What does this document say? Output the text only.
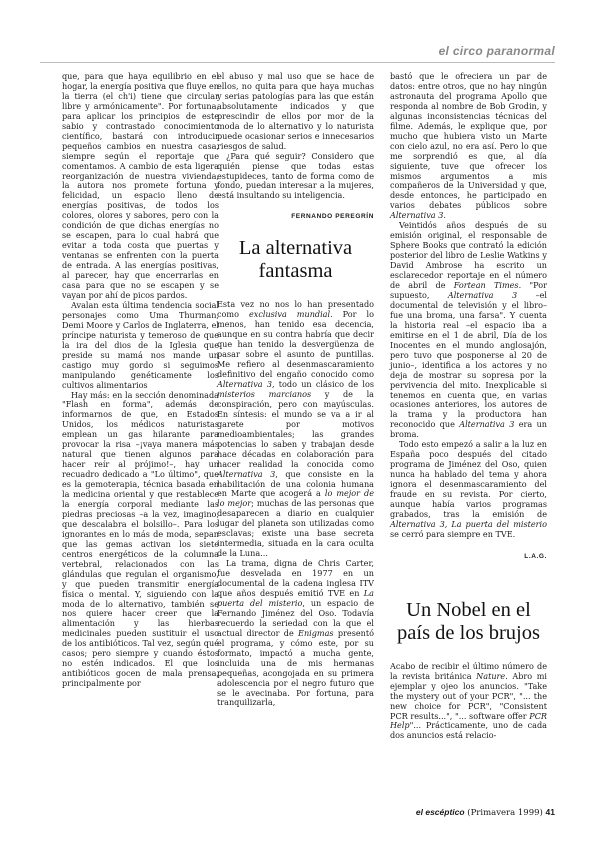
el circo paranormal

que, para que haya equilibrio en el hogar, la energía positiva que fluye en la tierra (el ch'i) tiene que circular libre y armónicamente". Por fortuna, para aplicar los principios de este sabio y contrastado conocimiento científico, bastará con introducir pequeños cambios en nuestra casa, siempre según el reportaje que comentamos. A cambio de esta ligera reorganización de nuestra vivienda, la autora nos promete fortuna y felicidad, un espacio lleno de energías positivas, de todos los colores, olores y sabores, pero con la condición de que dichas energías no se escapen, para lo cual habrá que evitar a toda costa que puertas y ventanas se enfrenten con la puerta de entrada. A las energías positivas, al parecer, hay que encerrarlas en casa para que no se escapen y se vayan por ahí de picos pardos.

Avalan esta última tendencia social personajes como Uma Thurman, Demi Moore y Carlos de Inglaterra, el príncipe naturista y temeroso de que la ira del dios de la Iglesia que preside su mamá nos mande un castigo muy gordo si seguimos manipulando genéticamente los cultivos alimentarios

Hay más: en la sección denominada "Flash en forma", además de informarnos de que, en Estados Unidos, los médicos naturistas emplean un gas hilarante para provocar la risa –¡vaya manera más natural que tienen algunos para hacer reír al prójimo!–, hay un recuadro dedicado a "Lo último", que es la gemoterapia, técnica basada en la medicina oriental y que restablece la energía corporal mediante las piedras preciosas –a la vez, imagino, que descalabra el bolsillo–. Para los ignorantes en lo más de moda, sepan que las gemas activan los siete centros energéticos de la columna vertebral, relacionados con las glándulas que regulan el organismo, y que pueden transmitir energía física o mental. Y, siguiendo con la moda de lo alternativo, también se nos quiere hacer creer que la alimentación y las hierbas medicinales pueden sustituir el uso de los antibióticos. Tal vez, según qué casos; pero siempre y cuando éstos no estén indicados. El que los antibióticos gocen de mala prensa, principalmente por

el abuso y mal uso que se hace de ellos, no quita para que haya muchas y serias patologías para las que están absolutamente indicados y que prescindir de ellos por mor de la moda de lo alternativo y lo naturista puede ocasionar serios e innecesarios riesgos de salud.

¿Para qué seguir? Considero que quién piense que todas estas estupideces, tanto de forma como de fondo, puedan interesar a la mujeres, está insultando su inteligencia.

FERNANDO PEREGRÍN
La alternativa
fantasma

Esta vez no nos lo han presentado como exclusiva mundial. Por lo menos, han tenido esa decencia, aunque en su contra habría que decir que han tenido la desvergüenza de pasar sobre el asunto de puntillas. Me refiero al desenmascaramiento definitivo del engaño conocido como Alternativa 3, todo un clásico de los misterios marcianos y de la conspiración, pero con mayúsculas. En síntesis: el mundo se va a ir al garete por motivos medioambientales; las grandes potencias lo saben y trabajan desde hace décadas en colaboración para hacer realidad la conocida como Alternativa 3, que consiste en la habilitación de una colonia humana en Marte que acogerá a lo mejor de lo mejor; muchas de las personas que desaparecen a diario en cualquier lugar del planeta son utilizadas como esclavas; existe una base secreta intermedia, situada en la cara oculta de la Luna...

La trama, digna de Chris Carter, fue desvelada en 1977 en un documental de la cadena inglesa ITV que años después emitió TVE en La puerta del misterio, un espacio de Fernando Jiménez del Oso. Todavía recuerdo la seriedad con la que el actual director de Enigmas presentó el programa, y cómo este, por su formato, impactó a mucha gente, incluida una de mis hermanas pequeñas, acongojada en su primera adolescencia por el negro futuro que se le avecinaba. Por fortuna, para tranquilizarla,

bastó que le ofreciera un par de datos: entre otros, que no hay ningún astronauta del programa Apollo que responda al nombre de Bob Grodin, y algunas inconsistencias técnicas del filme. Además, le explique que, por mucho que hubiera visto un Marte con cielo azul, no era así. Pero lo que me sorprendió es que, al día siguiente, tuve que ofrecer los mismos argumentos a mis compañeros de la Universidad y que, desde entonces, he participado en varios debates públicos sobre Alternativa 3.

Veintidós años después de su emisión original, el responsable de Sphere Books que contrató la edición posterior del libro de Leslie Watkins y David Ambrose ha escrito un esclarecedor reportaje en el número de abril de Fortean Times. "Por supuesto, Alternativa 3 –el documental de televisión y el libro– fue una broma, una farsa". Y cuenta la historia real –el espacio iba a emitirse en el 1 de abril, Día de los Inocentes en el mundo anglosajón, pero tuvo que posponerse al 20 de junio–, identifica a los actores y no deja de mostrar su sopresa por la pervivencia del mito. Inexplicable si tenemos en cuenta que, en varias ocasiones anteriores, los autores de la trama y la productora han reconocido que Alternativa 3 era un broma.

Todo esto empezó a salir a la luz en España poco después del citado programa de Jiménez del Oso, quien nunca ha hablado del tema y ahora ignora el desenmascaramiento del fraude en su revista. Por cierto, aunque había varios programas grabados, tras la emisión de Alternativa 3, La puerta del misterio se cerró para siempre en TVE.

L.A.G.
Un Nobel en el
país de los brujos

Acabo de recibir el último número de la revista británica Nature. Abro mi ejemplar y ojeo los anuncios. "Take the mystery out of your PCR", "... the new choice for PCR", "Consistent PCR results...", "... software offer PCR Help"... Prácticamente, uno de cada dos anuncios está relacio-

el escéptico (Primavera 1999) 41
